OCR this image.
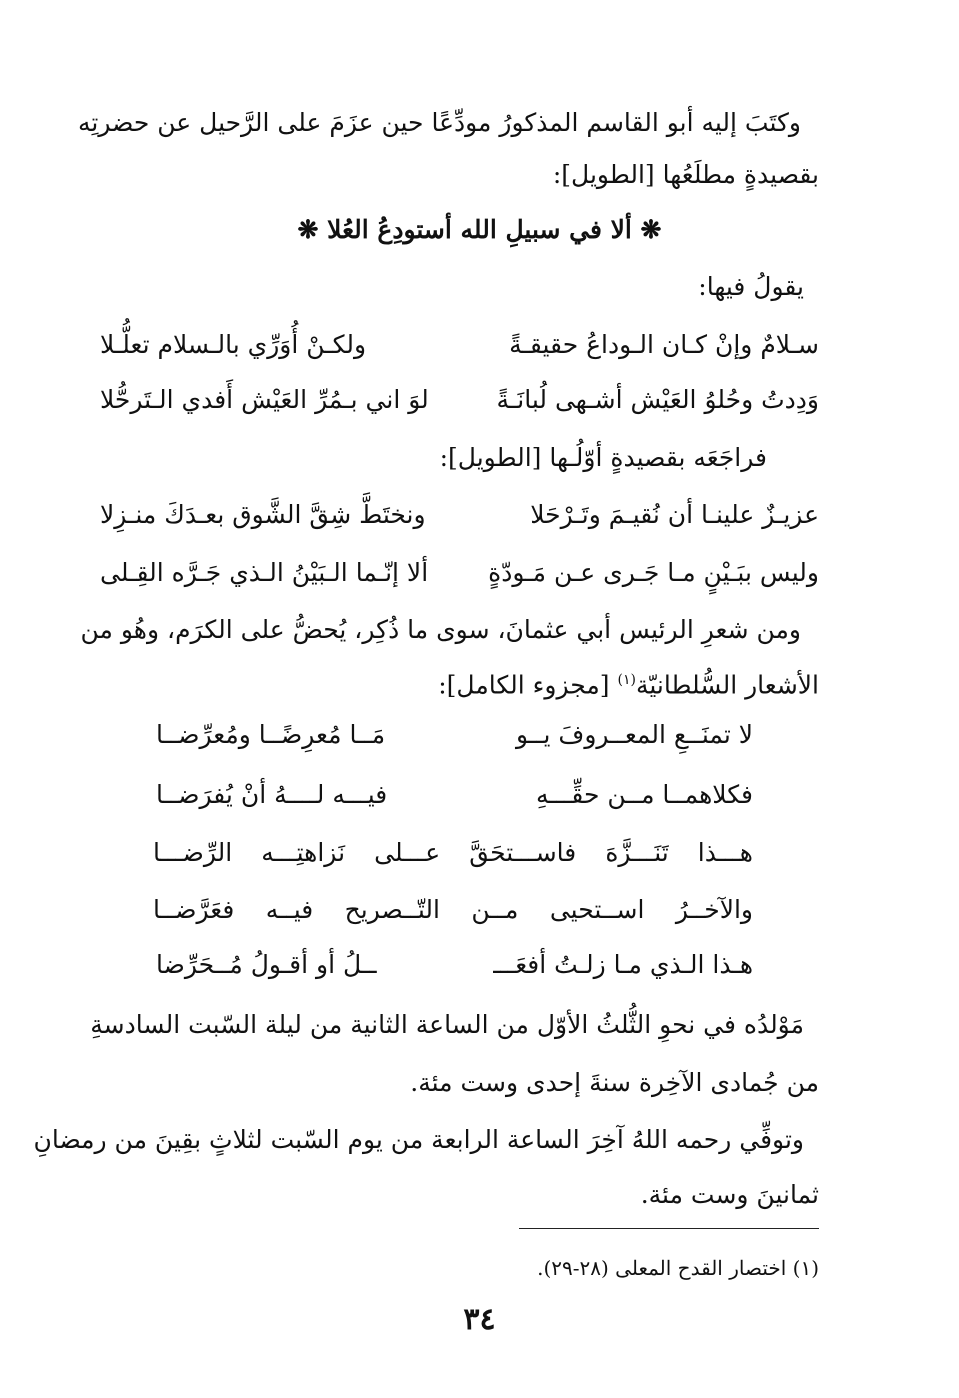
وكتَبَ إليه أبو القاسم المذكورُ مودِّعًا حين عزَمَ على الرَّحيل عن حضرتِه
بقصيدةٍ مطلَعُها [الطويل]:
❋ ألا في سبيلِ الله أستودِعُ العُلا ❋
يقولُ فيها:
سـلامٌ وإنْ كـان الـوداعُ حقيقـةً
ولكـنْ أُوَرِّي بالـسلام تعلُّـلا
وَدِدتُ وحُلوُ العَيْش أشـهى لُبانَـةً
لوَ اني بـمُرِّ العَيْش أَفدي الـتَرحُّلا
فراجَعَه بقصيدةٍ أوّلُـها [الطويل]:
عزيـزٌ علينـا أن نُقيـمَ وتَـرْحَلا
ونختَطَّ شِقَّ الشَّوق بعـدَكَ منـزِلا
وليس ببَـيْنٍ مـا جَـرى عـن مَـودّةٍ
ألا إنّـما الـبَيْنُ الـذي جَـرَّه القِـلى
ومن شعرِ الرئيس أبي عثمانَ، سوى ما ذُكِر، يُحضُّ على الكرَم، وهُو من
الأشعار السُّلطانيّة$^{(١)}$ [مجزوء الكامل]:
لا تمنَــعِ المعــروفَ يــو
مَــا مُعرِضًــا ومُعرِّضــا
فكلاهمــا مــن حقِّـــهِ
فيـــه لــــهُ أنْ يُفرَضــا
هـــذا تَنَـــزَّهَ فاســـتحَقَّ عـــلى نَزاهتِـــه الرِّضـــا
والآخــرُ اســتحيى مــن التّــصريح فيــه فعَرَّضــا
هـذا الـذي مـا زلـتُ أفعَـــ
ــلُ أو أقـولُ مُــحَرِّضا
مَوْلدُه في نحوِ الثُّلثُ الأوّل من الساعة الثانية من ليلة السّبت السادسةِ
من جُمادى الآخِرة سنةَ إحدى وست مئة.
وتوفِّي رحمه اللهُ آخِرَ الساعة الرابعة من يوم السّبت لثلاثٍ بقِينَ من رمضانِ
ثمانينَ وست مئة.
(١) اختصار القدح المعلى (٢٨-٢٩).
٣٤
